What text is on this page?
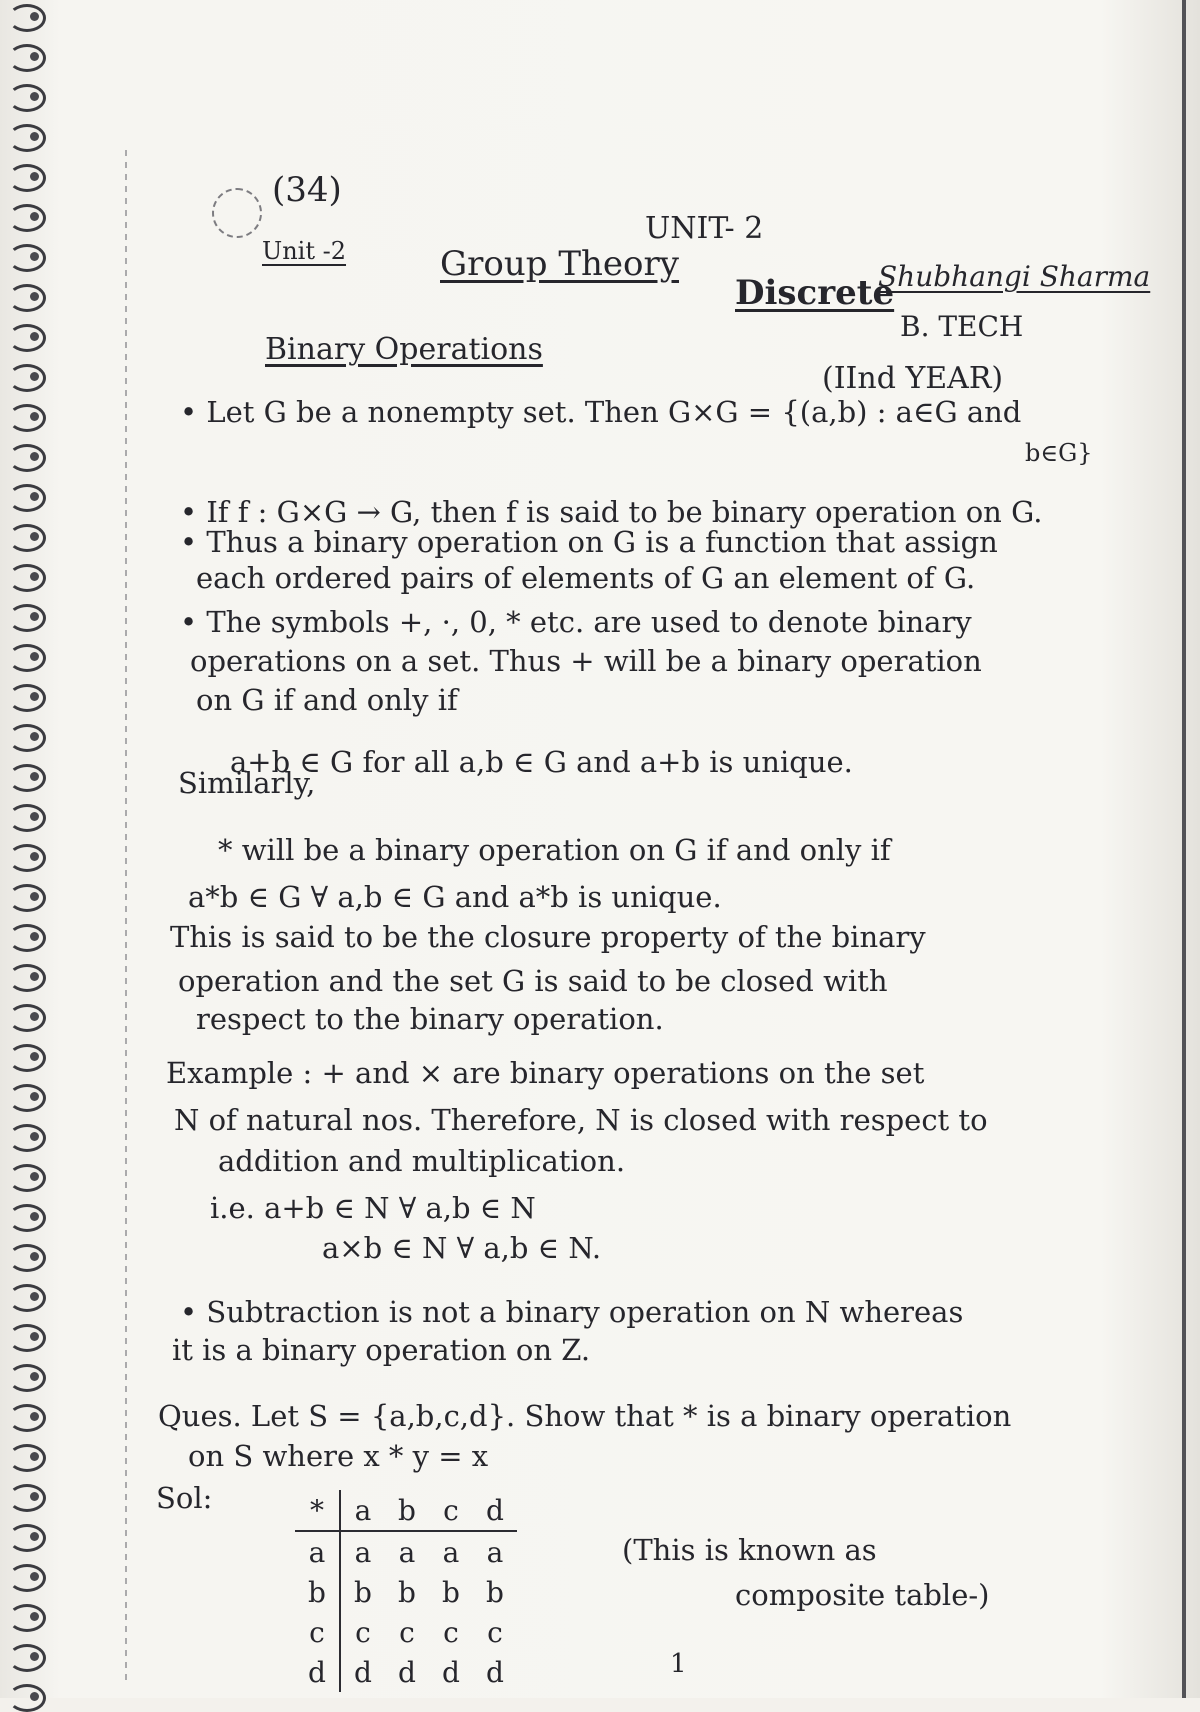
(34)
UNIT- 2
Unit -2	Group Theory
Discrete
Shubhangi Sharma
B. TECH
(IInd YEAR)
Binary Operations
• Let G be a nonempty set. Then G×G = {(a,b) : a∈G and
b∈G}
• If f : G×G → G, then f is said to be binary operation on G.
• Thus a binary operation on G is a function that assign
each ordered pairs of elements of G an element of G.
• The symbols +, ·, 0, * etc. are used to denote binary
operations on a set. Thus + will be a binary operation
on G if and only if
a+b ∈ G for all a,b ∈ G and a+b is unique.
Similarly,
* will be a binary operation on G if and only if
a*b ∈ G ∀ a,b ∈ G and a*b is unique.
This is said to be the closure property of the binary
operation and the set G is said to be closed with
respect to the binary operation.
Example : + and × are binary operations on the set
N of natural nos. Therefore, N is closed with respect to
addition and multiplication.
i.e. a+b ∈ N ∀ a,b ∈ N
a×b ∈ N ∀ a,b ∈ N.
• Subtraction is not a binary operation on N whereas
it is a binary operation on Z.
Ques. Let S = {a,b,c,d}. Show that * is a binary operation
on S where x * y = x
Sol:	*	a	b	c	d
a	a	a	a	a
b	b	b	b	b
c	c	c	c	c
d	d	d	d	d
(This is known as
composite table-)
1
